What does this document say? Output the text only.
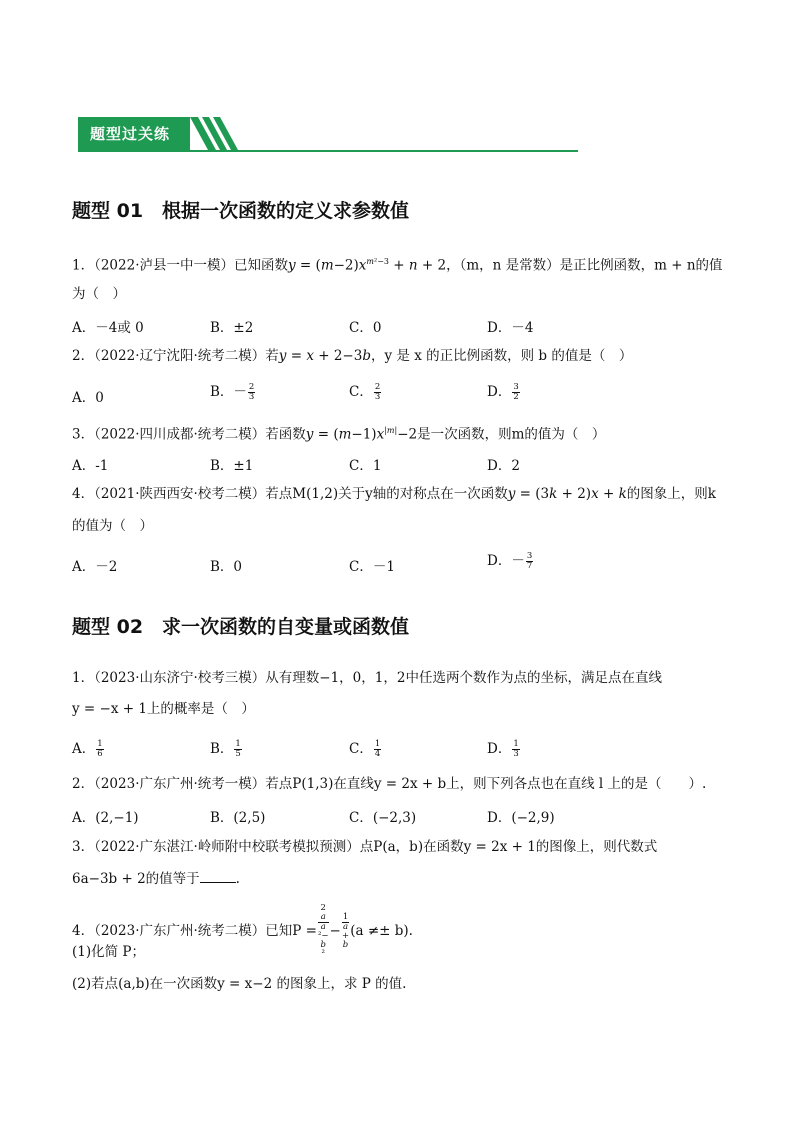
题型过关练
题型 01　根据一次函数的定义求参数值
1．（2022·泸县一中一模）已知函数$y = (m-2)x^{m^2-3} + n + 2$，（m，n 是常数）是正比例函数，m + n的值
为（　）
A．－4或 0	B．±2	C．0	D．－4
2．（2022·辽宁沈阳·统考二模）若y = x + 2−3b，y 是 x 的正比例函数，则 b 的值是（　）
A．0	B．－ $\frac{2}{3}$	C． $\frac{2}{3}$	D． $\frac{3}{2}$
3．（2022·四川成都·统考二模）若函数$y = (m-1)x^{|m|}-2$是一次函数，则m的值为（　）
A．-1	B．±1	C．1	D．2
4．（2021·陕西西安·校考二模）若点M(1,2)关于y轴的对称点在一次函数y = (3k + 2)x + k的图象上，则k
的值为（　）
A．－2	B．0	C．－1	D．－ $\frac{3}{7}$
题型 02　求一次函数的自变量或函数值
1．（2023·山东济宁·校考三模）从有理数−1，0，1，2中任选两个数作为点的坐标，满足点在直线
y = −x + 1上的概率是（　）
A． $\frac{1}{6}$	B． $\frac{1}{5}$	C． $\frac{1}{4}$	D． $\frac{1}{3}$
2．（2023·广东广州·统考一模）若点P(1,3)在直线y = 2x + b上，则下列各点也在直线 l 上的是（　　）.
A．(2,−1)	B．(2,5)	C．(−2,3)	D．(−2,9)
3．（2022·广东湛江·岭师附中校联考模拟预测）点P(a，b)在函数y = 2x + 1的图像上，则代数式
6a−3b + 2的值等于	.
4．（2023·广东广州·统考二模）已知P = 2
a
a
²−
b
² − 1
a
+
b (a ≠± b).
(1)化简 P；
(2)若点(a,b)在一次函数y = x−2 的图象上，求 P 的值.
